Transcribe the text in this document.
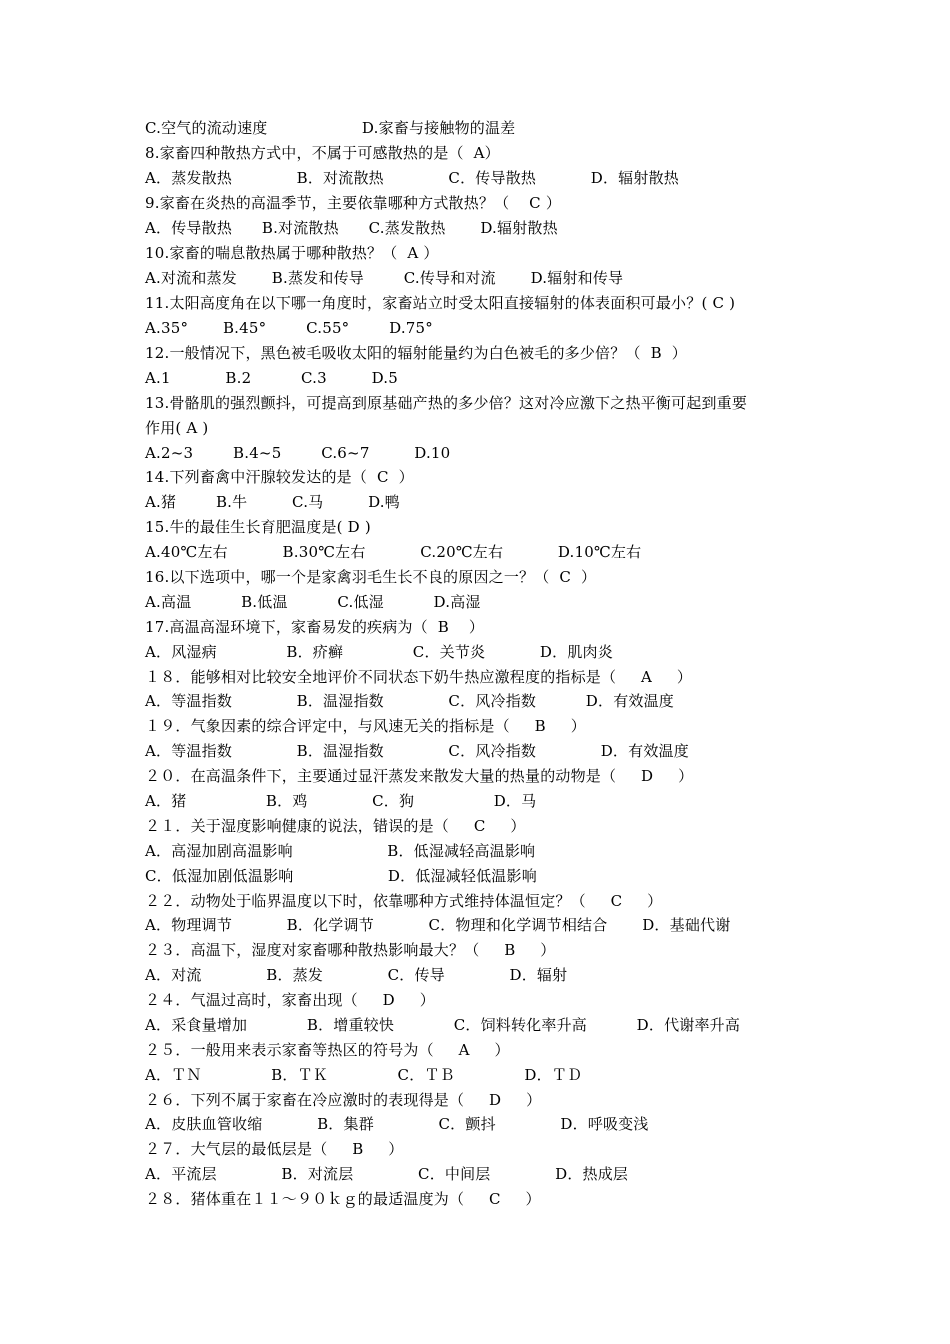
C.空气的流动速度                   D.家畜与接触物的温差
8.家畜四种散热方式中，不属于可感散热的是（  A）
A．蒸发散热             B．对流散热             C．传导散热           D．辐射散热
9.家畜在炎热的高温季节，主要依靠哪种方式散热？（    C ）
A．传导散热      B.对流散热      C.蒸发散热       D.辐射散热
10.家畜的喘息散热属于哪种散热？（  A ）
A.对流和蒸发       B.蒸发和传导        C.传导和对流       D.辐射和传导
11.太阳高度角在以下哪一角度时，家畜站立时受太阳直接辐射的体表面积可最小？( C )
A.35°       B.45°        C.55°        D.75°
12.一般情况下，黑色被毛吸收太阳的辐射能量约为白色被毛的多少倍？（  B  ）
A.1           B.2          C.3         D.5
13.骨骼肌的强烈颤抖，可提高到原基础产热的多少倍？这对冷应激下之热平衡可起到重要
作用( A )
A.2~3        B.4~5        C.6~7         D.10
14.下列畜禽中汗腺较发达的是（  C  ）
A.猪        B.牛         C.马         D.鸭
15.牛的最佳生长育肥温度是( D )
A.40℃左右           B.30℃左右           C.20℃左右           D.10℃左右
16.以下选项中，哪一个是家禽羽毛生长不良的原因之一？（  C  ）
A.高温          B.低温          C.低湿          D.高湿
17.高温高湿环境下，家畜易发的疾病为（  B    ）
A．风湿病              B．疥癣              C．关节炎           D．肌肉炎
１８．能够相对比较安全地评价不同状态下奶牛热应激程度的指标是（     A     ）
A．等温指数             B．温湿指数             C．风冷指数          D．有效温度
１９．气象因素的综合评定中，与风速无关的指标是（     B     ）
A．等温指数             B．温湿指数             C．风冷指数             D．有效温度
２０．在高温条件下，主要通过显汗蒸发来散发大量的热量的动物是（     D     ）
A．猪                B．鸡             C．狗                D．马
２１．关于湿度影响健康的说法，错误的是（     C     ）
A．高湿加剧高温影响                   B．低湿减轻高温影响
C．低湿加剧低温影响                   D．低湿减轻低温影响
２２．动物处于临界温度以下时，依靠哪种方式维持体温恒定？（     C     ）
A．物理调节           B．化学调节           C．物理和化学调节相结合       D．基础代谢
２３．高温下，湿度对家畜哪种散热影响最大？（     B     ）
A．对流             B．蒸发             C．传导             D．辐射
２４．气温过高时，家畜出现（     D     ）
A．采食量增加            B．增重较快            C．饲料转化率升高          D．代谢率升高
２５．一般用来表示家畜等热区的符号为（     A     ）
A．ＴＮ              B．ＴＫ              C．ＴＢ              D．ＴＤ
２６．下列不属于家畜在冷应激时的表现得是（     D     ）
A．皮肤血管收缩           B．集群             C．颤抖             D．呼吸变浅
２７．大气层的最低层是（     B     ）
A．平流层             B．对流层             C．中间层             D．热成层
２８．猪体重在１１～９０ｋｇ的最适温度为（     C     ）
